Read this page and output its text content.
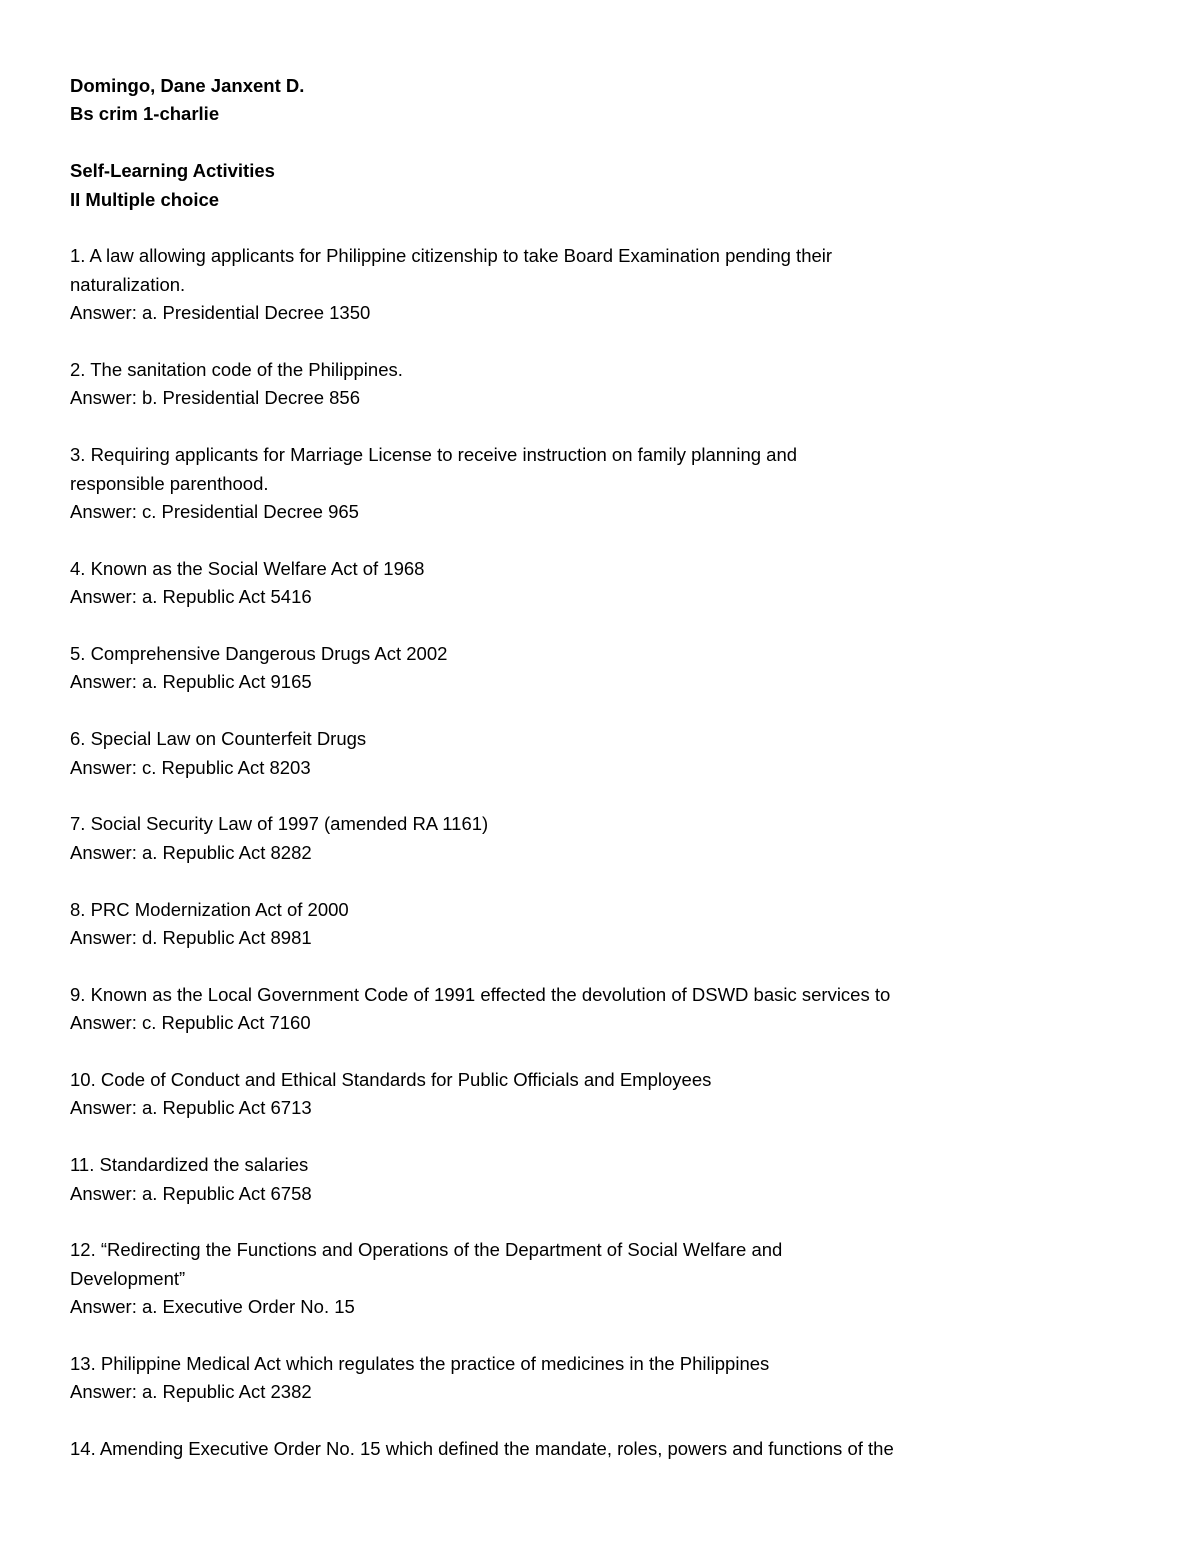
Domingo, Dane Janxent D.
Bs crim 1-charlie
Self-Learning Activities
II Multiple choice
1. A law allowing applicants for Philippine citizenship to take Board Examination pending their
naturalization.
Answer: a. Presidential Decree 1350
2. The sanitation code of the Philippines.
Answer: b. Presidential Decree 856
3. Requiring applicants for Marriage License to receive instruction on family planning and
responsible parenthood.
Answer: c. Presidential Decree 965
4. Known as the Social Welfare Act of 1968
Answer: a. Republic Act 5416
5. Comprehensive Dangerous Drugs Act 2002
Answer: a. Republic Act 9165
6. Special Law on Counterfeit Drugs
Answer: c. Republic Act 8203
7. Social Security Law of 1997 (amended RA 1161)
Answer: a. Republic Act 8282
8. PRC Modernization Act of 2000
Answer: d. Republic Act 8981
9. Known as the Local Government Code of 1991 effected the devolution of DSWD basic services to
Answer: c. Republic Act 7160
10. Code of Conduct and Ethical Standards for Public Officials and Employees
Answer: a. Republic Act 6713
11. Standardized the salaries
Answer: a. Republic Act 6758
12. “Redirecting the Functions and Operations of the Department of Social Welfare and
Development”
Answer: a. Executive Order No. 15
13. Philippine Medical Act which regulates the practice of medicines in the Philippines
Answer: a. Republic Act 2382
14. Amending Executive Order No. 15 which defined the mandate, roles, powers and functions of the
